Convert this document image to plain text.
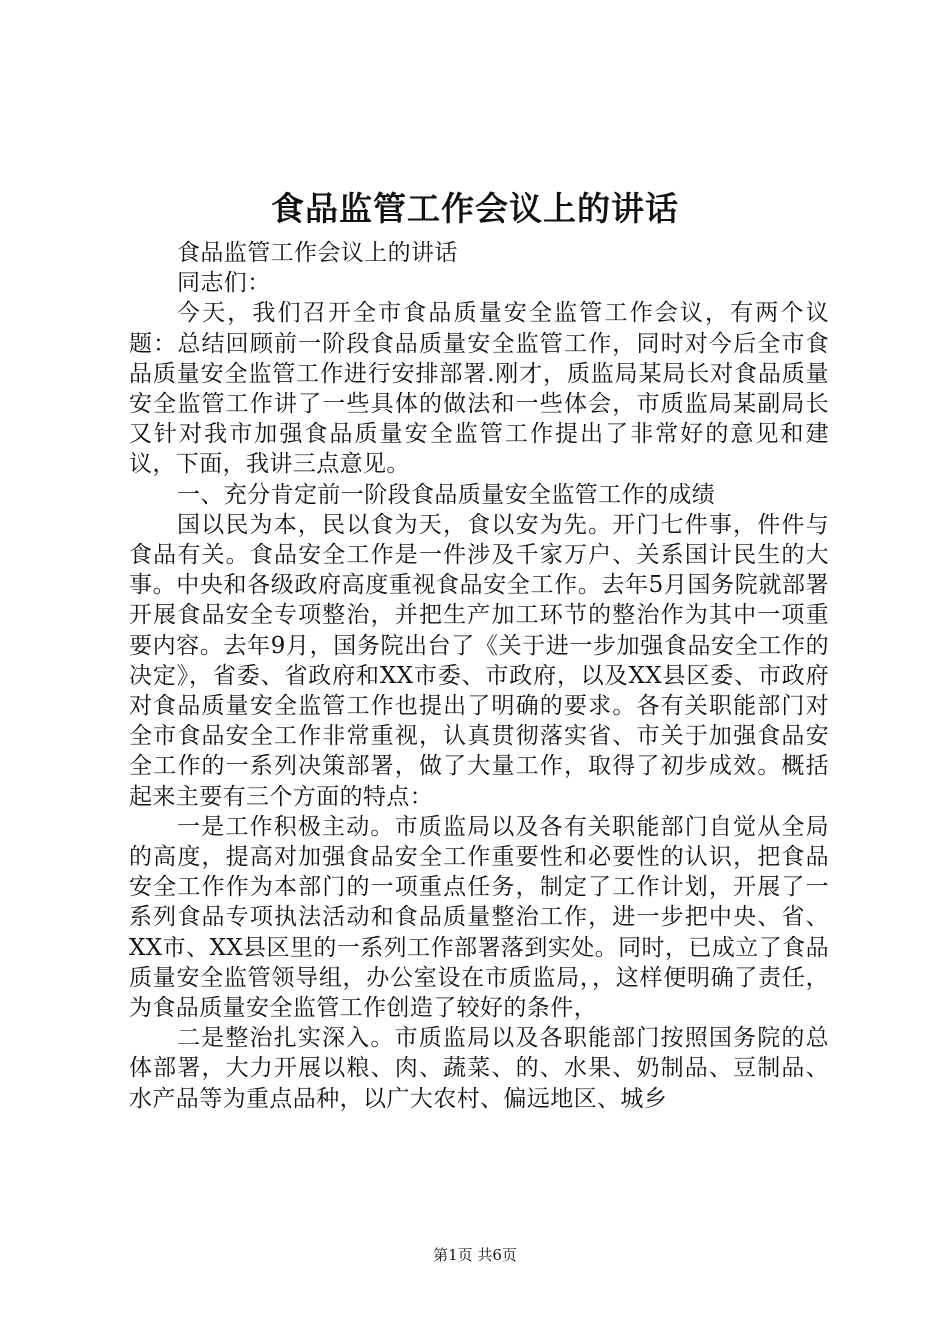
食品监管工作会议上的讲话

食品监管工作会议上的讲话

同志们：

今天，我们召开全市食品质量安全监管工作会议，有两个议题：总结回顾前一阶段食品质量安全监管工作，同时对今后全市食品质量安全监管工作进行安排部署.刚才，质监局某局长对食品质量安全监管工作讲了一些具体的做法和一些体会，市质监局某副局长又针对我市加强食品质量安全监管工作提出了非常好的意见和建议，下面，我讲三点意见。

一、充分肯定前一阶段食品质量安全监管工作的成绩

国以民为本，民以食为天，食以安为先。开门七件事，件件与食品有关。食品安全工作是一件涉及千家万户、关系国计民生的大事。中央和各级政府高度重视食品安全工作。去年5月国务院就部署开展食品安全专项整治，并把生产加工环节的整治作为其中一项重要内容。去年9月，国务院出台了《关于进一步加强食品安全工作的决定》，省委、省政府和XX市委、市政府，以及XX县区委、市政府对食品质量安全监管工作也提出了明确的要求。各有关职能部门对全市食品安全工作非常重视，认真贯彻落实省、市关于加强食品安全工作的一系列决策部署，做了大量工作，取得了初步成效。概括起来主要有三个方面的特点：

一是工作积极主动。市质监局以及各有关职能部门自觉从全局的高度，提高对加强食品安全工作重要性和必要性的认识，把食品安全工作作为本部门的一项重点任务，制定了工作计划，开展了一系列食品专项执法活动和食品质量整治工作，进一步把中央、省、XX市、XX县区里的一系列工作部署落到实处。同时，已成立了食品质量安全监管领导组，办公室设在市质监局，，这样便明确了责任，为食品质量安全监管工作创造了较好的条件，

二是整治扎实深入。市质监局以及各职能部门按照国务院的总体部署，大力开展以粮、肉、蔬菜、的、水果、奶制品、豆制品、水产品等为重点品种，以广大农村、偏远地区、城乡

第1页 共6页
